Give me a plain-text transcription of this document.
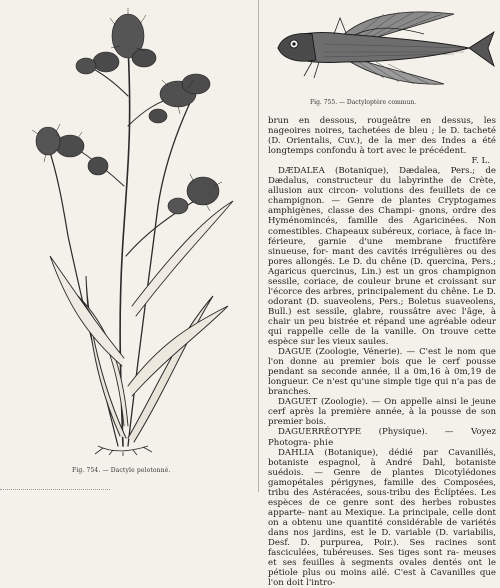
Fig. 754. — Dactyle pelotonné.
Fig. 755. — Dactyloptère commun.

brun en dessous, rougeâtre en dessus, les nageoires noires, tachetées de bleu ; le D. tacheté (D. Orientalis, Cuv.), de la mer des Indes a été longtemps confondu à tort avec le précédent.

F. L.

DÆDALEA (Botanique), Dædalea, Pers.; de Dædalus, constructeur du labyrinthe de Crète, allusion aux circon- volutions des feuillets de ce champignon. — Genre de plantes Cryptogames amphigènes, classe des Champi- gnons, ordre des Hyménomincés, famille des Agaricinées. Non comestibles. Chapeaux subéreux, coriace, à face in- férieure, garnie d'une membrane fructifère sinueuse, for- mant des cavités irrégulières ou des pores allongés. Le D. du chêne (D. quercina, Pers.; Agaricus quercinus, Lin.) est un gros champignon sessile, coriace, de couleur brune et croissant sur l'écorce des arbres, principalement du chêne. Le D. odorant (D. suaveolens, Pers.; Boletus suaveolens, Bull.) est sessile, glabre, roussâtre avec l'âge, à chair un peu bistrée et répand une agréable odeur qui rappelle celle de la vanille. On trouve cette espèce sur les vieux saules.

DAGUE (Zoologie, Vénerie). — C'est le nom que l'on donne au premier bois que le cerf pousse pendant sa seconde année, il a 0m,16 à 0m,19 de longueur. Ce n'est qu'une simple tige qui n'a pas de branches.

DAGUET (Zoologie). — On appelle ainsi le jeune cerf après la première année, à la pousse de son premier bois.

DAGUERRÉOTYPE (Physique). — Voyez Photogra- phie

DAHLIA (Botanique), dédié par Cavanillés, botaniste espagnol, à André Dahl, botaniste suédois. — Genre de plantes Dicotylédones gamopétales périgynes, famille des Composées, tribu des Astéracées, sous-tribu des Éclíptées. Les espèces de ce genre sont des herbes robustes apparte- nant au Mexique. La principale, celle dont on a obtenu une quantité considérable de variétés dans nos jardins, est le D. variable (D. variabilis, Desf. D. purpurea, Poir.). Ses racines sont fasciculées, tubéreuses. Ses tiges sont ra- meuses et ses feuilles à segments ovales dentés ont le pétiole plus ou moins ailé. C'est à Cavanilles que l'on doit l'intro-
